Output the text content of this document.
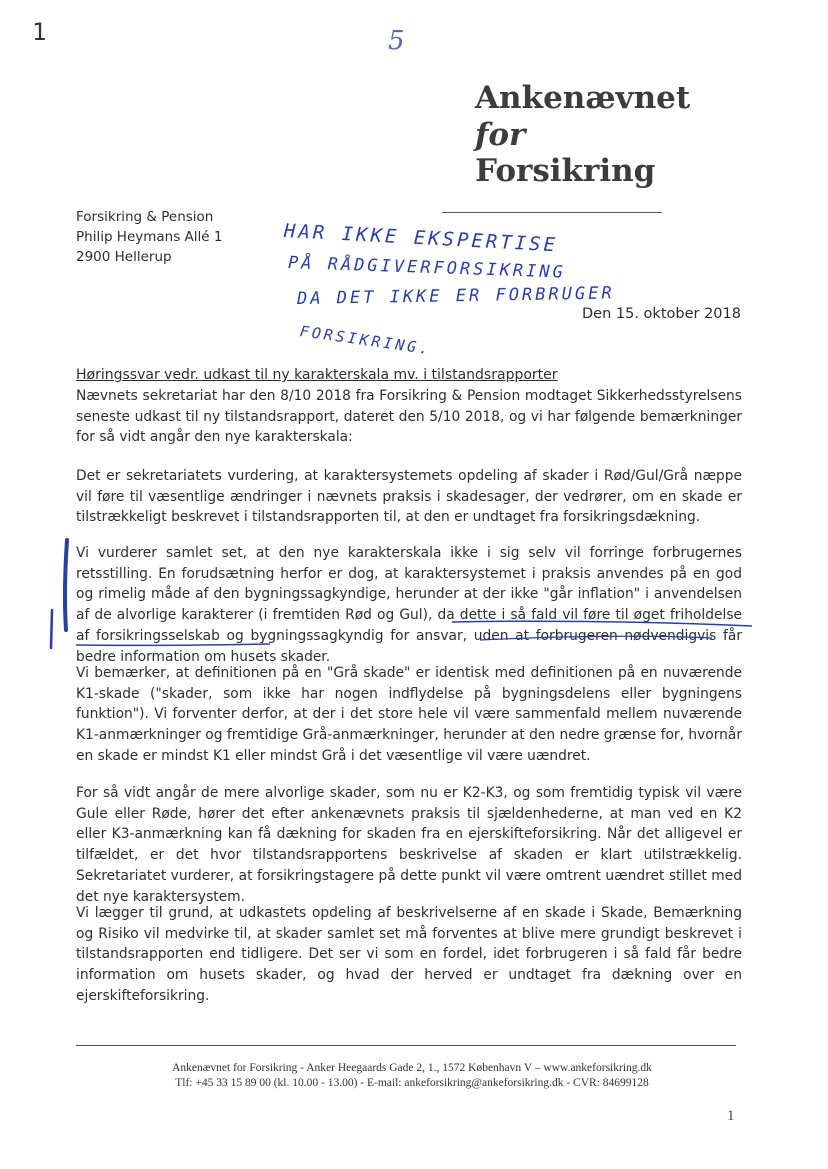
1	5
Ankenævnet
for
Forsikring
Forsikring & Pension
Philip Heymans Allé 1
2900 Hellerup
HAR IKKE EKSPERTISE
PÅ RÅDGIVERFORSIKRING
DA DET IKKE ER FORBRUGER
FORSIKRING.
Den 15. oktober 2018
Høringssvar vedr. udkast til ny karakterskala mv. i tilstandsrapporter
Nævnets sekretariat har den 8/10 2018 fra Forsikring & Pension modtaget Sikkerhedsstyrelsens seneste udkast til ny tilstandsrapport, dateret den 5/10 2018, og vi har følgende bemærkninger for så vidt angår den nye karakterskala:
Det er sekretariatets vurdering, at karaktersystemets opdeling af skader i Rød/Gul/Grå næppe vil føre til væsentlige ændringer i nævnets praksis i skadesager, der vedrører, om en skade er tilstrækkeligt beskrevet i tilstandsrapporten til, at den er undtaget fra forsikringsdækning.
Vi vurderer samlet set, at den nye karakterskala ikke i sig selv vil forringe forbrugernes retsstilling. En forudsætning herfor er dog, at karaktersystemet i praksis anvendes på en god og rimelig måde af den bygningssagkyndige, herunder at der ikke "går inflation" i anvendelsen af de alvorlige karakterer (i fremtiden Rød og Gul), da dette i så fald vil føre til øget friholdelse af forsikringsselskab og bygningssagkyndig for ansvar, uden at forbrugeren nødvendigvis får bedre information om husets skader.
Vi bemærker, at definitionen på en "Grå skade" er identisk med definitionen på en nuværende K1-skade ("skader, som ikke har nogen indflydelse på bygningsdelens eller bygningens funktion"). Vi forventer derfor, at der i det store hele vil være sammenfald mellem nuværende K1-anmærkninger og fremtidige Grå-anmærkninger, herunder at den nedre grænse for, hvornår en skade er mindst K1 eller mindst Grå i det væsentlige vil være uændret.
For så vidt angår de mere alvorlige skader, som nu er K2-K3, og som fremtidig typisk vil være Gule eller Røde, hører det efter ankenævnets praksis til sjældenhederne, at man ved en K2 eller K3-anmærkning kan få dækning for skaden fra en ejerskifteforsikring. Når det alligevel er tilfældet, er det hvor tilstandsrapportens beskrivelse af skaden er klart utilstrækkelig. Sekretariatet vurderer, at forsikringstagere på dette punkt vil være omtrent uændret stillet med det nye karaktersystem.
Vi lægger til grund, at udkastets opdeling af beskrivelserne af en skade i Skade, Bemærkning og Risiko vil medvirke til, at skader samlet set må forventes at blive mere grundigt beskrevet i tilstandsrapporten end tidligere. Det ser vi som en fordel, idet forbrugeren i så fald får bedre information om husets skader, og hvad der herved er undtaget fra dækning over en ejerskifteforsikring.
Ankenævnet for Forsikring - Anker Heegaards Gade 2, 1., 1572 København V – www.ankeforsikring.dk
Tlf: +45 33 15 89 00 (kl. 10.00 - 13.00) - E-mail: ankeforsikring@ankeforsikring.dk - CVR: 84699128
1
